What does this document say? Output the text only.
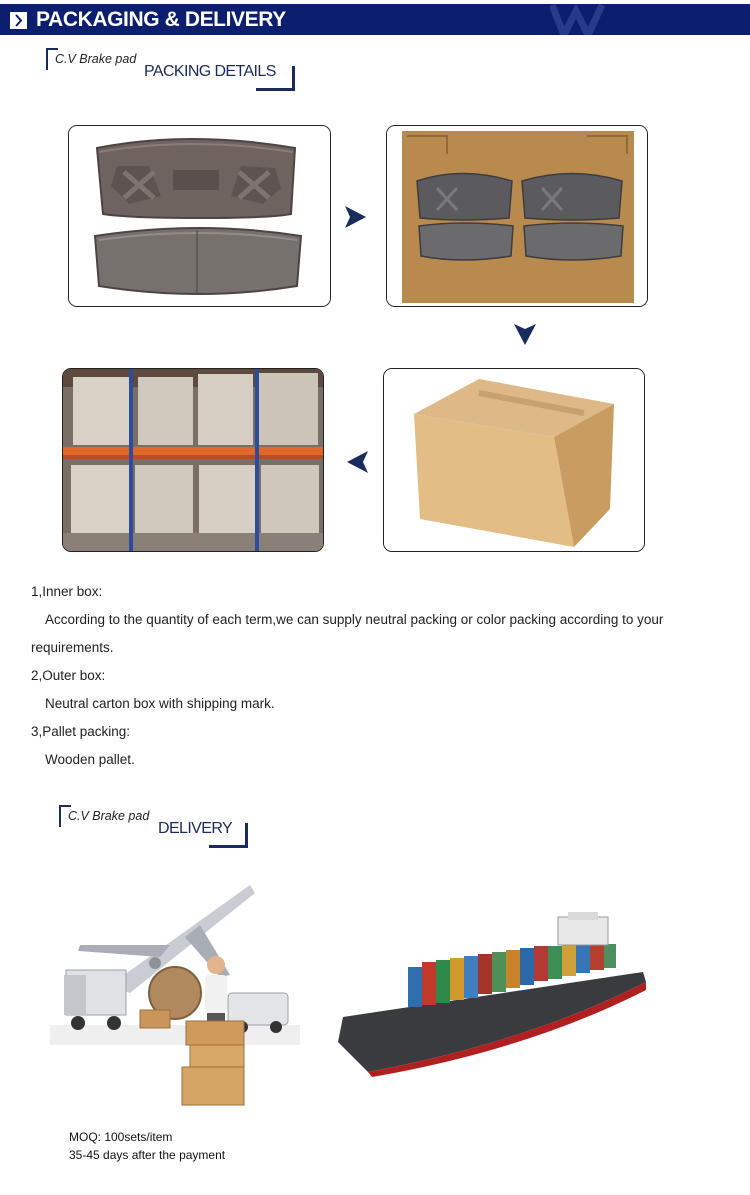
PACKAGING & DELIVERY
C.V Brake pad
PACKING DETAILS
1,Inner box:
According to the quantity of each term,we can supply neutral packing or color packing according to your
requirements.
2,Outer box:
Neutral carton box with shipping mark.
3,Pallet packing:
Wooden pallet.
C.V Brake pad
DELIVERY
MOQ: 100sets/item
35-45 days after the payment
